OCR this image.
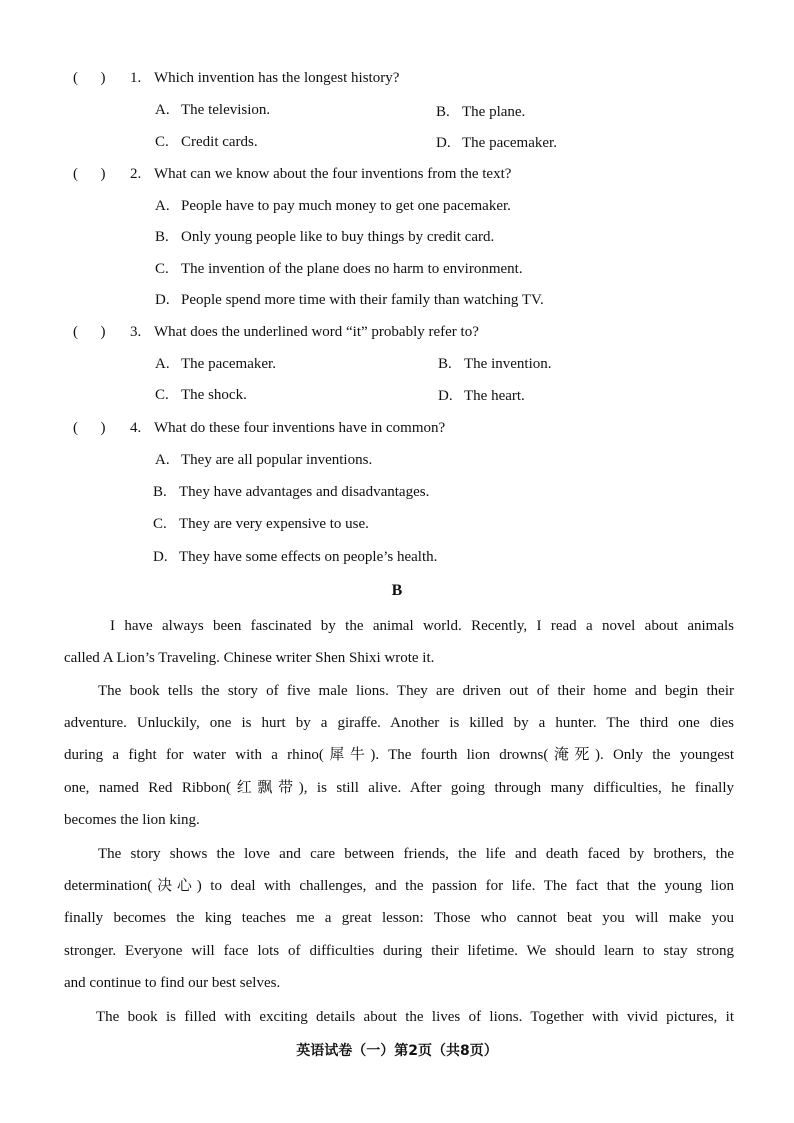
(      ) 1. Which invention has the longest history?
A. The television.	B. The plane.
C. Credit cards.	D. The pacemaker.
(      ) 2. What can we know about the four inventions from the text?
A. People have to pay much money to get one pacemaker.
B. Only young people like to buy things by credit card.
C. The invention of the plane does no harm to environment.
D. People spend more time with their family than watching TV.
(      ) 3. What does the underlined word “it” probably refer to?
A. The pacemaker.	B. The invention.
C. The shock.	D. The heart.
(      ) 4. What do these four inventions have in common?
A. They are all popular inventions.
B. They have advantages and disadvantages.
C. They are very expensive to use.
D. They have some effects on people’s health.
B
I have always been fascinated by the animal world. Recently, I read a novel about animals
called A Lion’s Traveling. Chinese writer Shen Shixi wrote it.
The book tells the story of five male lions. They are driven out of their home and begin their
adventure. Unluckily, one is hurt by a giraffe. Another is killed by a hunter. The third one dies
during a fight for water with a rhino(犀牛). The fourth lion drowns(淹死). Only the youngest
one, named Red Ribbon(红飘带), is still alive. After going through many difficulties, he finally
becomes the lion king.
The story shows the love and care between friends, the life and death faced by brothers, the
determination(决心) to deal with challenges, and the passion for life. The fact that the young lion
finally becomes the king teaches me a great lesson: Those who cannot beat you will make you
stronger. Everyone will face lots of difficulties during their lifetime. We should learn to stay strong
and continue to find our best selves.
The book is filled with exciting details about the lives of lions. Together with vivid pictures, it
英语试卷（一）第2页（共8页）
